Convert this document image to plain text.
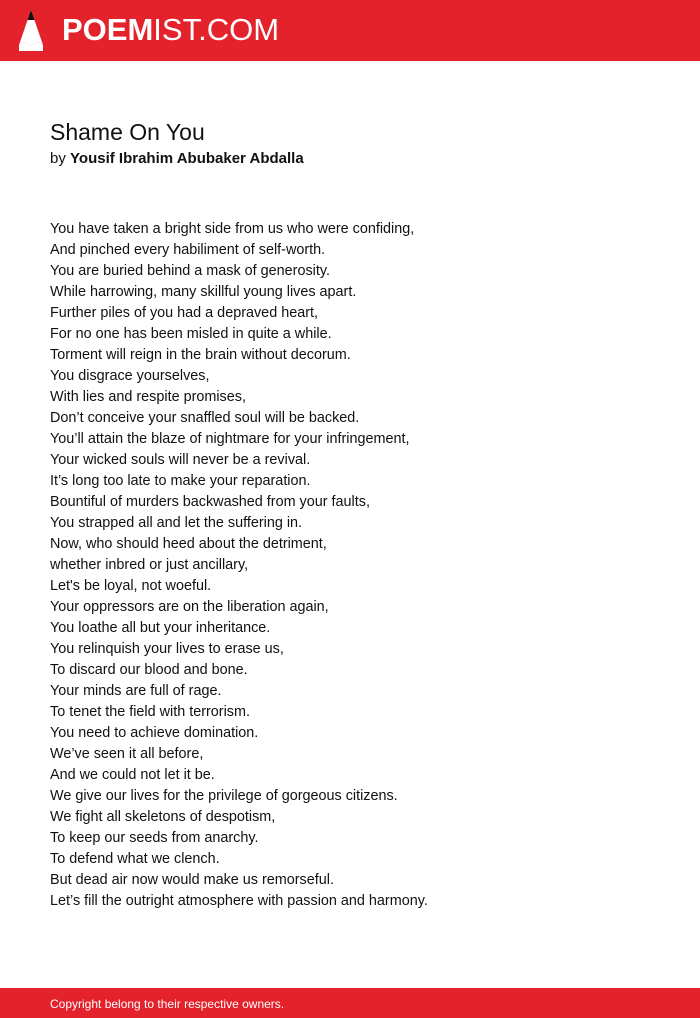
POEMIST.COM
Shame On You
by Yousif Ibrahim Abubaker Abdalla
You have taken a bright side from us who were confiding,
And pinched every habiliment of self-worth.
You are buried behind a mask of generosity.
While harrowing, many skillful young lives apart.
Further piles of you had a depraved heart,
For no one has been misled in quite a while.
Torment will reign in the brain without decorum.
You disgrace yourselves,
With lies and respite promises,
Don’t conceive your snaffled soul will be backed.
You’ll attain the blaze of nightmare for your infringement,
Your wicked souls will never be a revival.
It’s long too late to make your reparation.
Bountiful of murders backwashed from your faults,
You strapped all and let the suffering in.
Now, who should heed about the detriment,
whether inbred or just ancillary,
Let's be loyal, not woeful.
Your oppressors are on the liberation again,
You loathe all but your inheritance.
You relinquish your lives to erase us,
To discard our blood and bone.
Your minds are full of rage.
To tenet the field with terrorism.
You need to achieve domination.
We’ve seen it all before,
And we could not let it be.
We give our lives for the privilege of gorgeous citizens.
We fight all skeletons of despotism,
To keep our seeds from anarchy.
To defend what we clench.
But dead air now would make us remorseful.
Let’s fill the outright atmosphere with passion and harmony.
Copyright belong to their respective owners.
